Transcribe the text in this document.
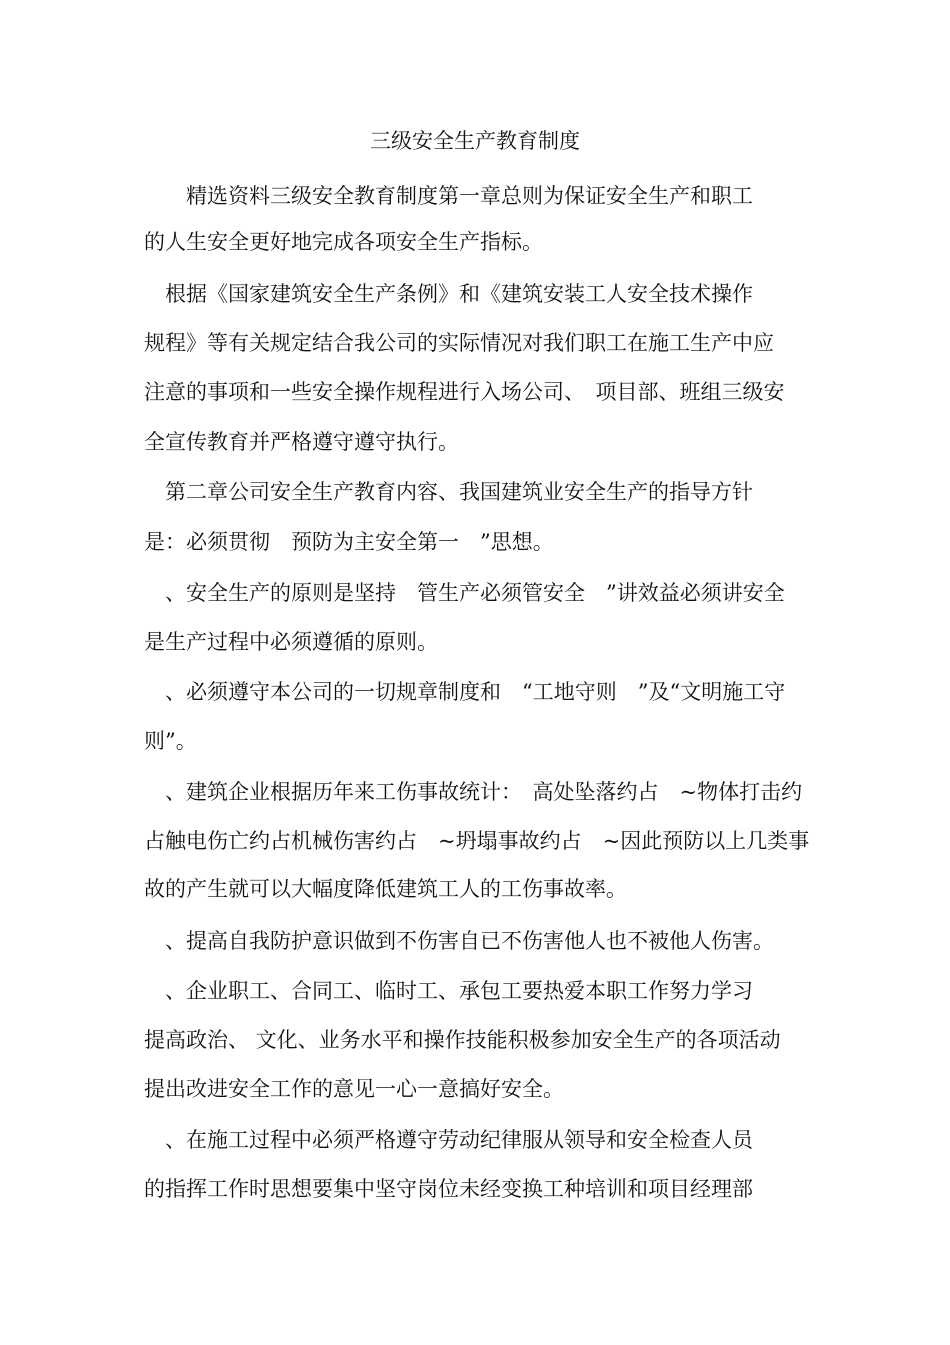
三级安全生产教育制度
　　精选资料三级安全教育制度第一章总则为保证安全生产和职工
的人生安全更好地完成各项安全生产指标。
　根据《国家建筑安全生产条例》和《建筑安装工人安全技术操作
规程》等有关规定结合我公司的实际情况对我们职工在施工生产中应
注意的事项和一些安全操作规程进行入场公司、　项目部、班组三级安
全宣传教育并严格遵守遵守执行。
　第二章公司安全生产教育内容、我国建筑业安全生产的指导方针
是：必须贯彻　预防为主安全第一　”思想。
　、安全生产的原则是坚持　管生产必须管安全　”讲效益必须讲安全
是生产过程中必须遵循的原则。
　、必须遵守本公司的一切规章制度和　“工地守则　”及“文明施工守
则”。
　、建筑企业根据历年来工伤事故统计：　高处坠落约占　~物体打击约
占触电伤亡约占机械伤害约占　~坍塌事故约占　~因此预防以上几类事
故的产生就可以大幅度降低建筑工人的工伤事故率。
　、提高自我防护意识做到不伤害自已不伤害他人也不被他人伤害。
　、企业职工、合同工、临时工、承包工要热爱本职工作努力学习
提高政治、 文化、业务水平和操作技能积极参加安全生产的各项活动
提出改进安全工作的意见一心一意搞好安全。
　、在施工过程中必须严格遵守劳动纪律服从领导和安全检查人员
的指挥工作时思想要集中坚守岗位未经变换工种培训和项目经理部
